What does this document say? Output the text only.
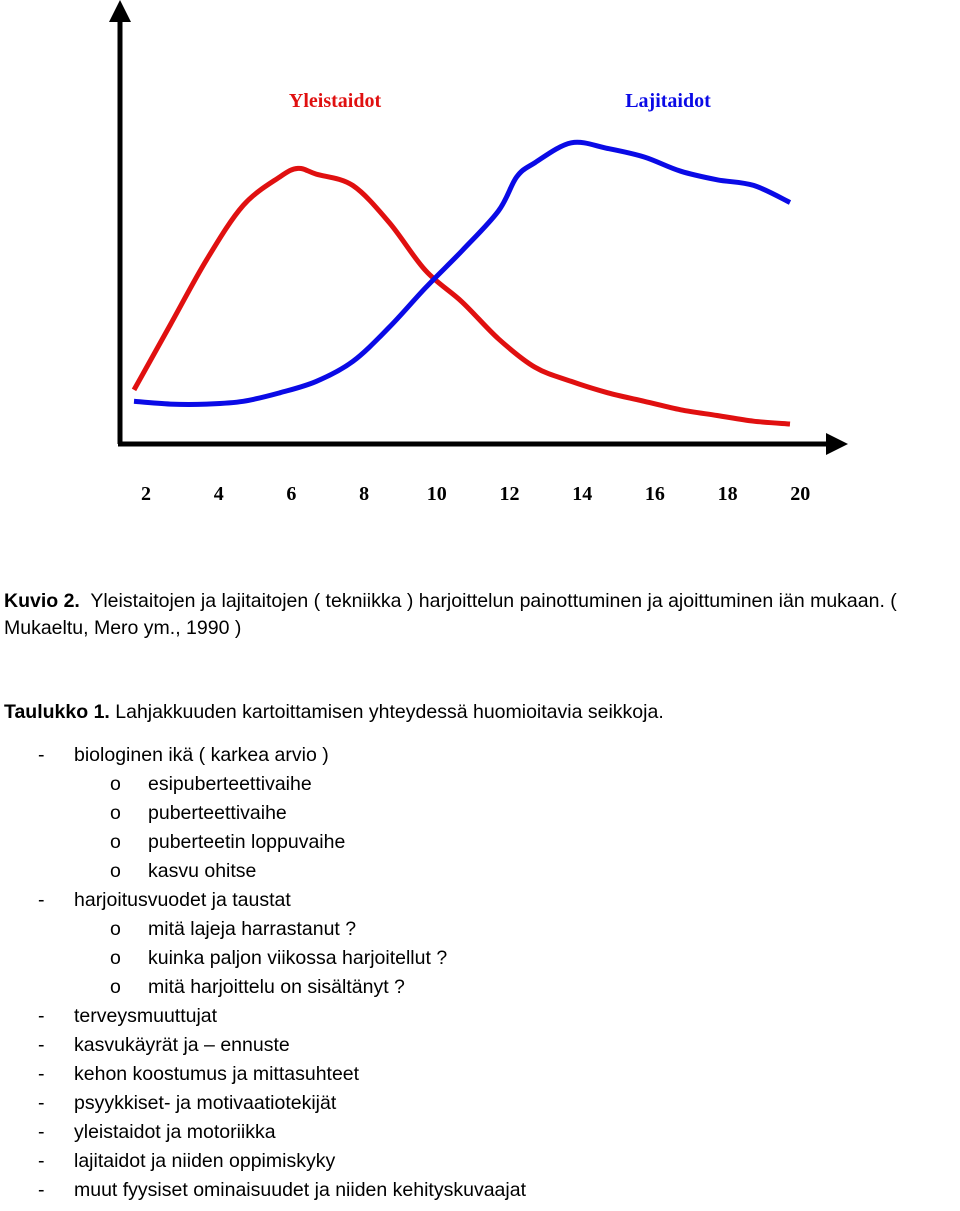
Yleistaidot	Lajitaidot
2	4	6	8	10	12	14	16	18	20

Kuvio 2. Yleistaitojen ja lajitaitojen ( tekniikka ) harjoittelun painottuminen ja ajoittuminen iän mukaan. ( Mukaeltu, Mero ym., 1990 )

Taulukko 1. Lahjakkuuden kartoittamisen yhteydessä huomioitavia seikkoja.

-	biologinen ikä ( karkea arvio )
o	esipuberteettivaihe
o	puberteettivaihe
o	puberteetin loppuvaihe
o	kasvu ohitse
-	harjoitusvuodet ja taustat
o	mitä lajeja harrastanut ?
o	kuinka paljon viikossa harjoitellut ?
o	mitä harjoittelu on sisältänyt ?
-	terveysmuuttujat
-	kasvukäyrät ja – ennuste
-	kehon koostumus ja mittasuhteet
-	psyykkiset- ja motivaatiotekijät
-	yleistaidot ja motoriikka
-	lajitaidot ja niiden oppimiskyky
-	muut fyysiset ominaisuudet ja niiden kehityskuvaajat
